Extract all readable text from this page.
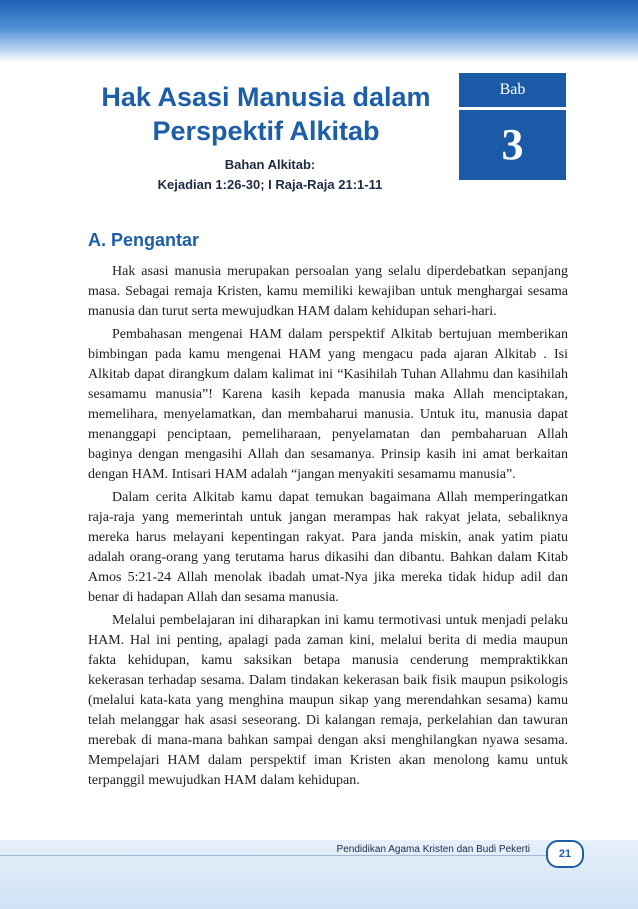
Hak Asasi Manusia dalam
Perspektif Alkitab
Bahan Alkitab:
Kejadian 1:26-30; I Raja-Raja 21:1-11
Bab
3
A. Pengantar

Hak asasi manusia merupakan persoalan yang selalu diperdebatkan sepanjang masa. Sebagai remaja Kristen, kamu memiliki kewajiban untuk menghargai sesama manusia dan turut serta mewujudkan HAM dalam kehidupan sehari-hari.

Pembahasan mengenai HAM dalam perspektif Alkitab bertujuan memberikan bimbingan pada kamu mengenai HAM yang mengacu pada ajaran Alkitab . Isi Alkitab dapat dirangkum dalam kalimat ini “Kasihilah Tuhan Allahmu dan kasihilah sesamamu manusia”! Karena kasih kepada manusia maka Allah menciptakan, memelihara, menyelamatkan, dan membaharui manusia. Untuk itu, manusia dapat menanggapi penciptaan, pemeliharaan, penyelamatan dan pembaharuan Allah baginya dengan mengasihi Allah dan sesamanya. Prinsip kasih ini amat berkaitan dengan HAM. Intisari HAM adalah “jangan menyakiti sesamamu manusia”.

Dalam cerita Alkitab kamu dapat temukan bagaimana Allah memperingatkan raja-raja yang memerintah untuk jangan merampas hak rakyat jelata, sebaliknya mereka harus melayani kepentingan rakyat. Para janda miskin, anak yatim piatu adalah orang-orang yang terutama harus dikasihi dan dibantu. Bahkan dalam Kitab Amos 5:21-24 Allah menolak ibadah umat-Nya jika mereka tidak hidup adil dan benar di hadapan Allah dan sesama manusia.

Melalui pembelajaran ini diharapkan ini kamu termotivasi untuk menjadi pelaku HAM. Hal ini penting, apalagi pada zaman kini, melalui berita di media maupun fakta kehidupan, kamu saksikan betapa manusia cenderung mempraktikkan kekerasan terhadap sesama. Dalam tindakan kekerasan baik fisik maupun psikologis (melalui kata-kata yang menghina maupun sikap yang merendahkan sesama) kamu telah melanggar hak asasi seseorang. Di kalangan remaja, perkelahian dan tawuran merebak di mana-mana bahkan sampai dengan aksi menghilangkan nyawa sesama. Mempelajari HAM dalam perspektif iman Kristen akan menolong kamu untuk terpanggil mewujudkan HAM dalam kehidupan.

Pendidikan Agama Kristen dan Budi Pekerti	21
